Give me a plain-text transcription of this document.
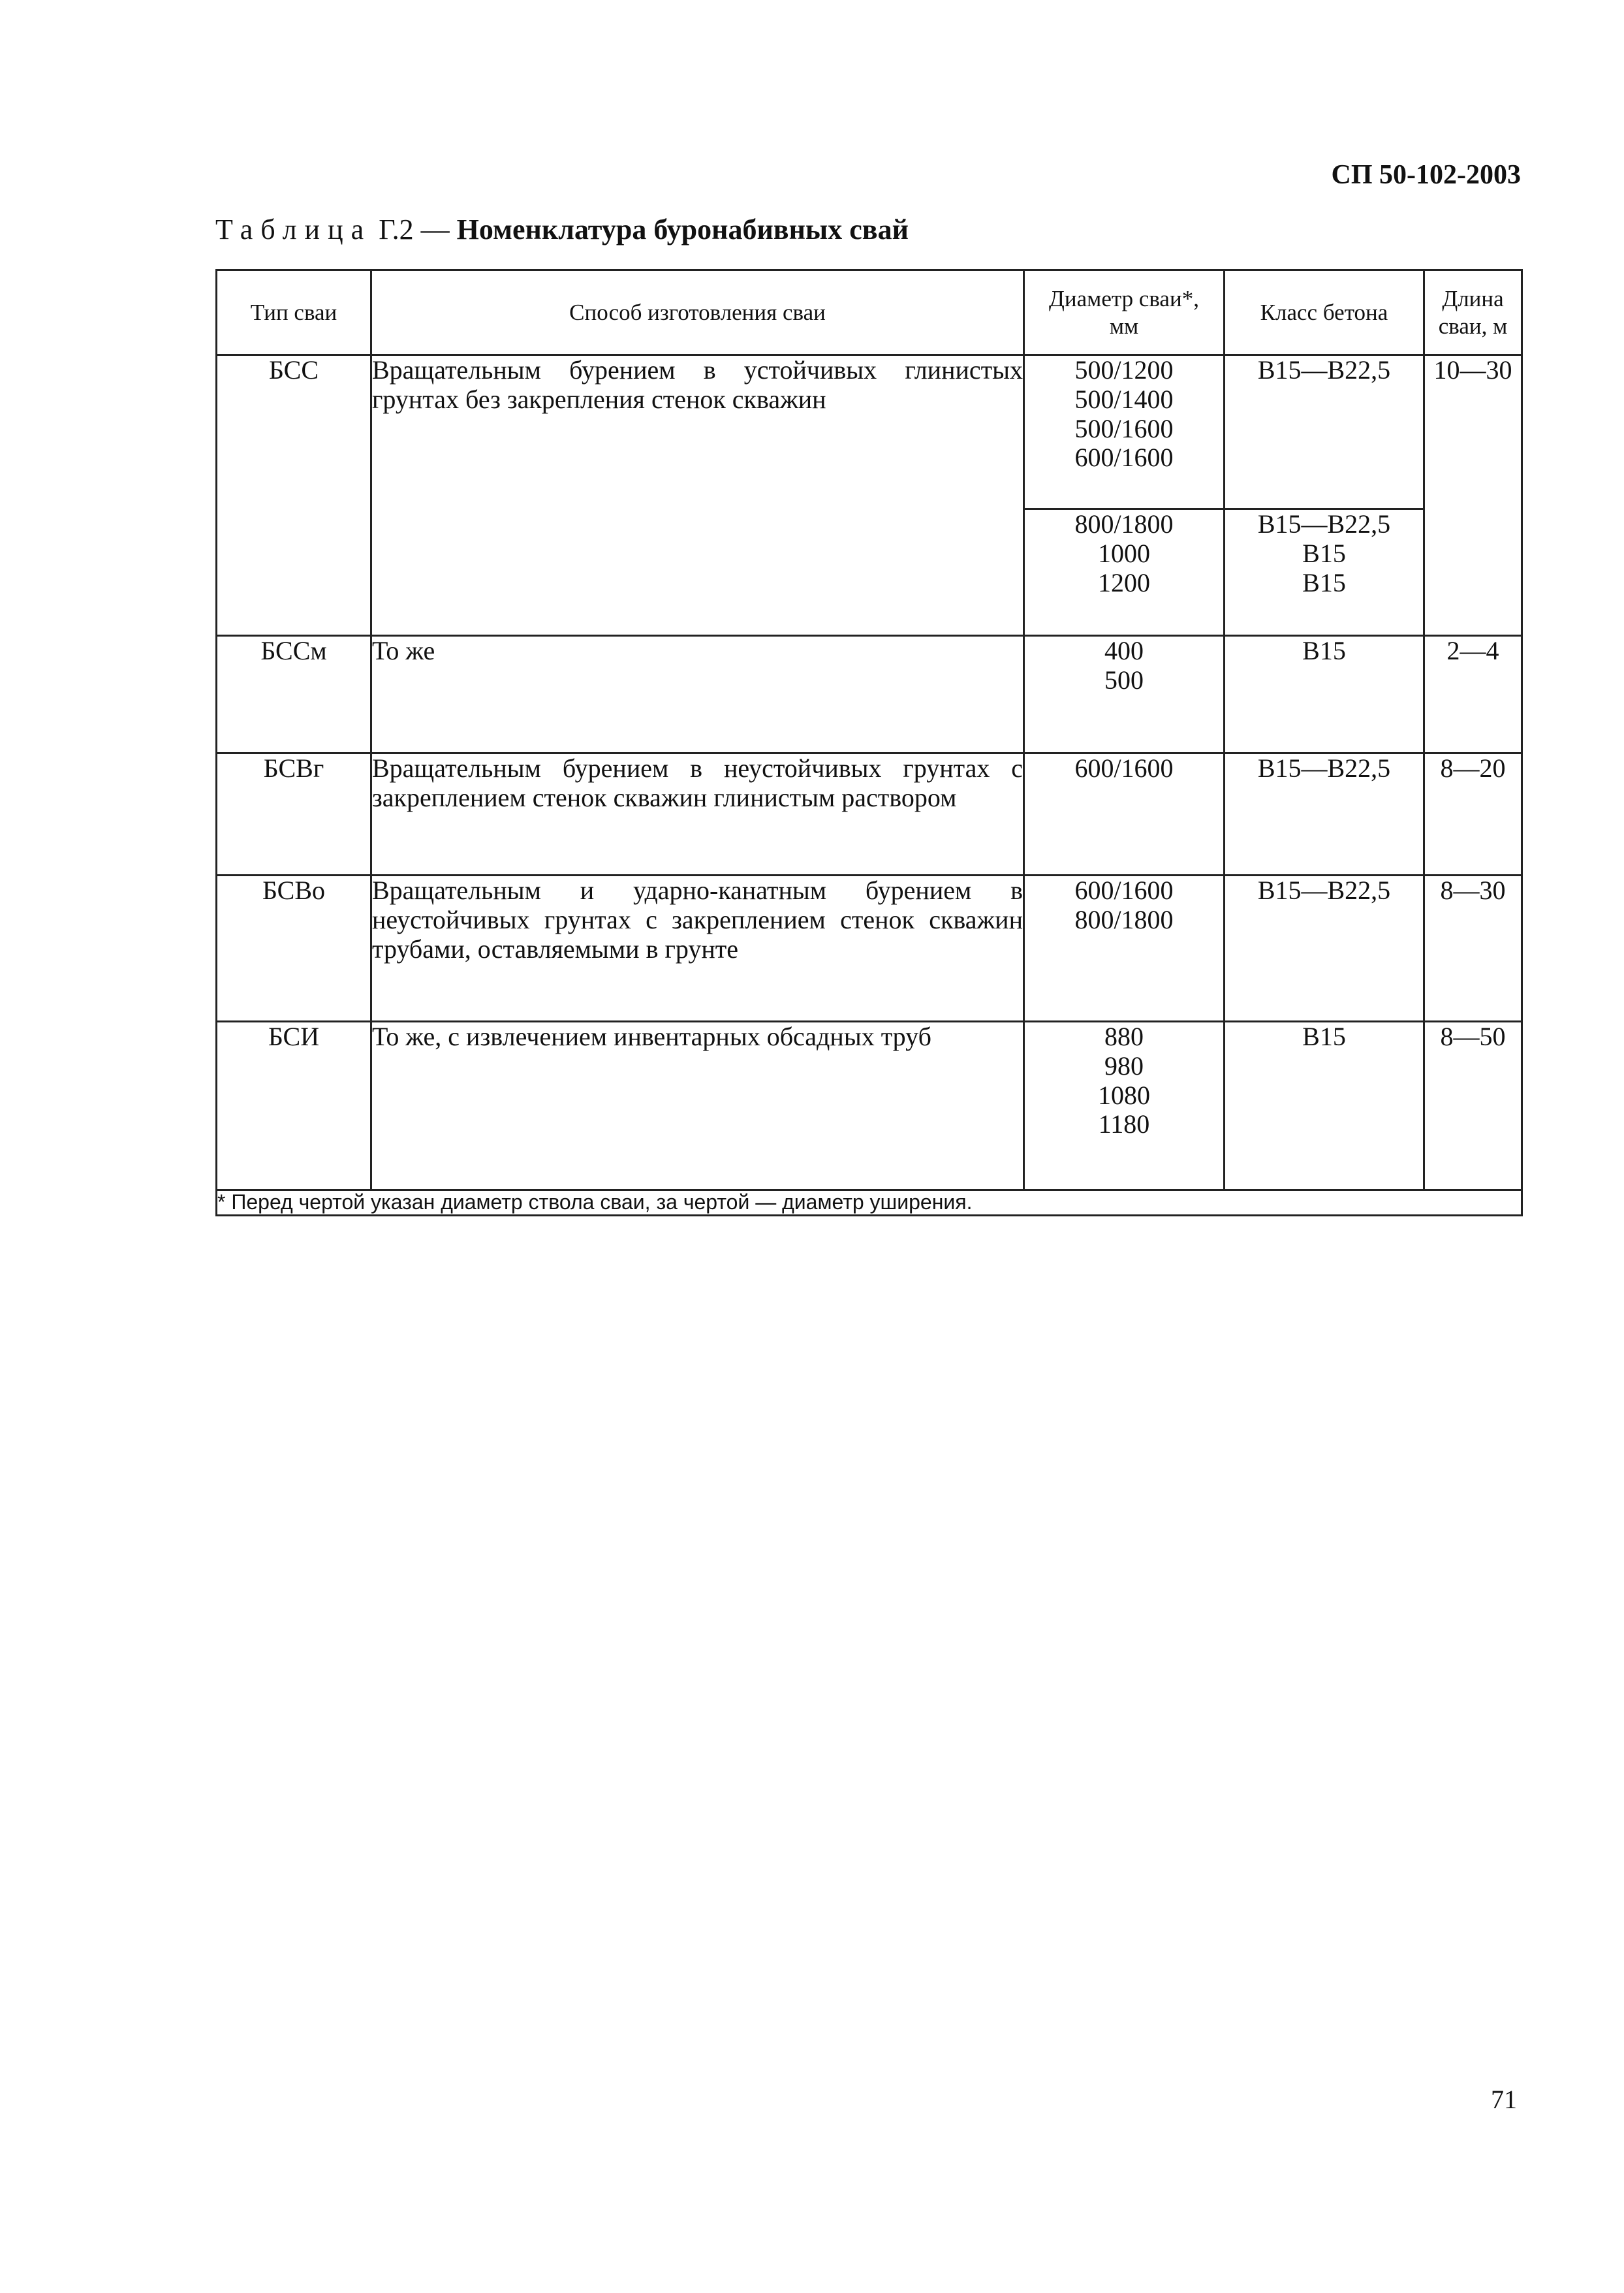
СП 50-102-2003
Таблица Г.2 — Номенклатура буронабивных свай
Тип сваи	Способ изготовления сваи	Диаметр сваи*,
мм	Класс бетона	Длина
сваи, м

БСС	Вращательным бурением в устойчивых глинистых грунтах без закрепления стенок скважин	500/1200
500/1400
500/1600
600/1600	B15—B22,5	10—30

		800/1800
1000
1200	B15—B22,5
B15
B15	

БССм	То же	400
500	B15	2—4
БСВг	Вращательным бурением в неустойчивых грунтах с закреплением стенок скважин глинистым раствором	600/1600	B15—B22,5	8—20
БСВо	Вращательным и ударно-канатным бурением в неустойчивых грунтах с закреплением стенок скважин трубами, оставляемыми в грунте	600/1600
800/1800	B15—B22,5	8—30
БСИ	То же, с извлечением инвентарных обсадных труб	880
980
1080
1180	B15	8—50
* Перед чертой указан диаметр ствола сваи, за чертой — диаметр уширения.				
71
